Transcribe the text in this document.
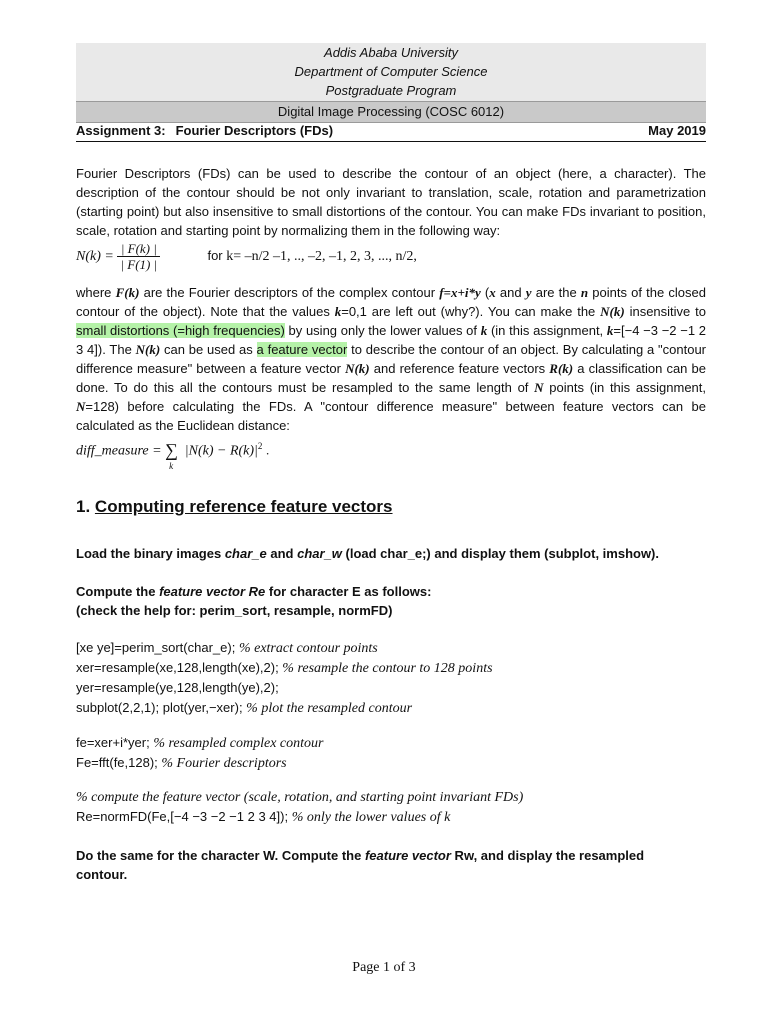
Addis Ababa University
Department of Computer Science
Postgraduate Program
Digital Image Processing (COSC 6012)
Assignment 3: Fourier Descriptors (FDs)	May 2019
Fourier Descriptors (FDs) can be used to describe the contour of an object (here, a character). The description of the contour should be not only invariant to translation, scale, rotation and parametrization (starting point) but also insensitive to small distortions of the contour. You can make FDs invariant to position, scale, rotation and starting point by normalizing them in the following way:
$N(k) = \frac{| F(k) |}{| F(1) |}$	for k= –n/2 –1, .., –2, –1, 2, 3, ..., n/2,
where F(k) are the Fourier descriptors of the complex contour f=x+i*y (x and y are the n points of the closed contour of the object). Note that the values k=0,1 are left out (why?). You can make the N(k) insensitive to small distortions (=high frequencies) by using only the lower values of k (in this assignment, k=[−4 −3 −2 −1 2 3 4]). The N(k) can be used as a feature vector to describe the contour of an object. By calculating a "contour difference measure" between a feature vector N(k) and reference feature vectors R(k) a classification can be done. To do this all the contours must be resampled to the same length of N points (in this assignment, N=128) before calculating the FDs. A "contour difference measure" between feature vectors can be calculated as the Euclidean distance:
diff_measure = ∑
k
$|N(k) - R(k)|^2$ .
1. Computing reference feature vectors
Load the binary images char_e and char_w (load char_e;) and display them (subplot, imshow).
Compute the feature vector Re for character E as follows:
(check the help for: perim_sort, resample, normFD)
[xe ye]=perim_sort(char_e); % extract contour points
xer=resample(xe,128,length(xe),2); % resample the contour to 128 points
yer=resample(ye,128,length(ye),2);
subplot(2,2,1); plot(yer,−xer); % plot the resampled contour
fe=xer+i*yer; % resampled complex contour
Fe=fft(fe,128); % Fourier descriptors
% compute the feature vector (scale, rotation, and starting point invariant FDs)
Re=normFD(Fe,[−4 −3 −2 −1 2 3 4]); % only the lower values of k
Do the same for the character W. Compute the feature vector Rw, and display the resampled
contour.
Page 1 of 3
